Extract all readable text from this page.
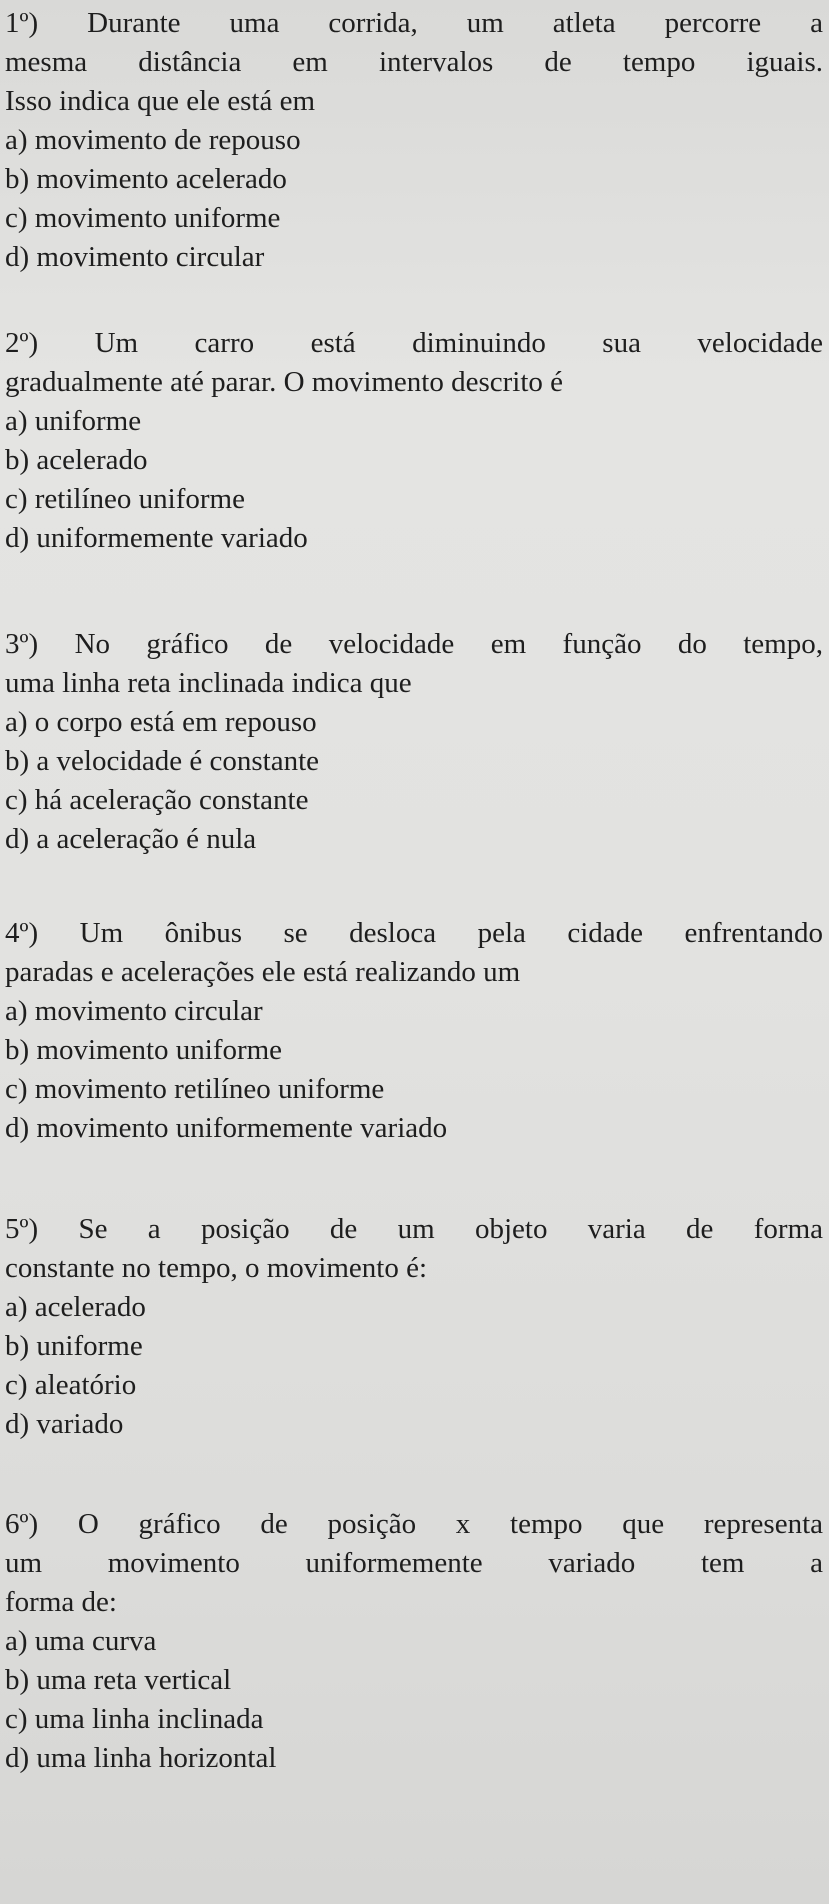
1º) Durante uma corrida, um atleta percorre a
mesma distância em intervalos de tempo iguais.
Isso indica que ele está em

a) movimento de repouso
b) movimento acelerado
c) movimento uniforme
d) movimento circular

2º) Um carro está diminuindo sua velocidade
gradualmente até parar. O movimento descrito é

a) uniforme
b) acelerado
c) retilíneo uniforme
d) uniformemente variado

3º) No gráfico de velocidade em função do tempo,
uma linha reta inclinada indica que

a) o corpo está em repouso
b) a velocidade é constante
c) há aceleração constante
d) a aceleração é nula

4º) Um ônibus se desloca pela cidade enfrentando
paradas e acelerações ele está realizando um

a) movimento circular
b) movimento uniforme
c) movimento retilíneo uniforme
d) movimento uniformemente variado

5º) Se a posição de um objeto varia de forma
constante no tempo, o movimento é:

a) acelerado
b) uniforme
c) aleatório
d) variado

6º) O gráfico de posição x tempo que representa
um movimento uniformemente variado tem a
forma de:

a) uma curva
b) uma reta vertical
c) uma linha inclinada
d) uma linha horizontal
